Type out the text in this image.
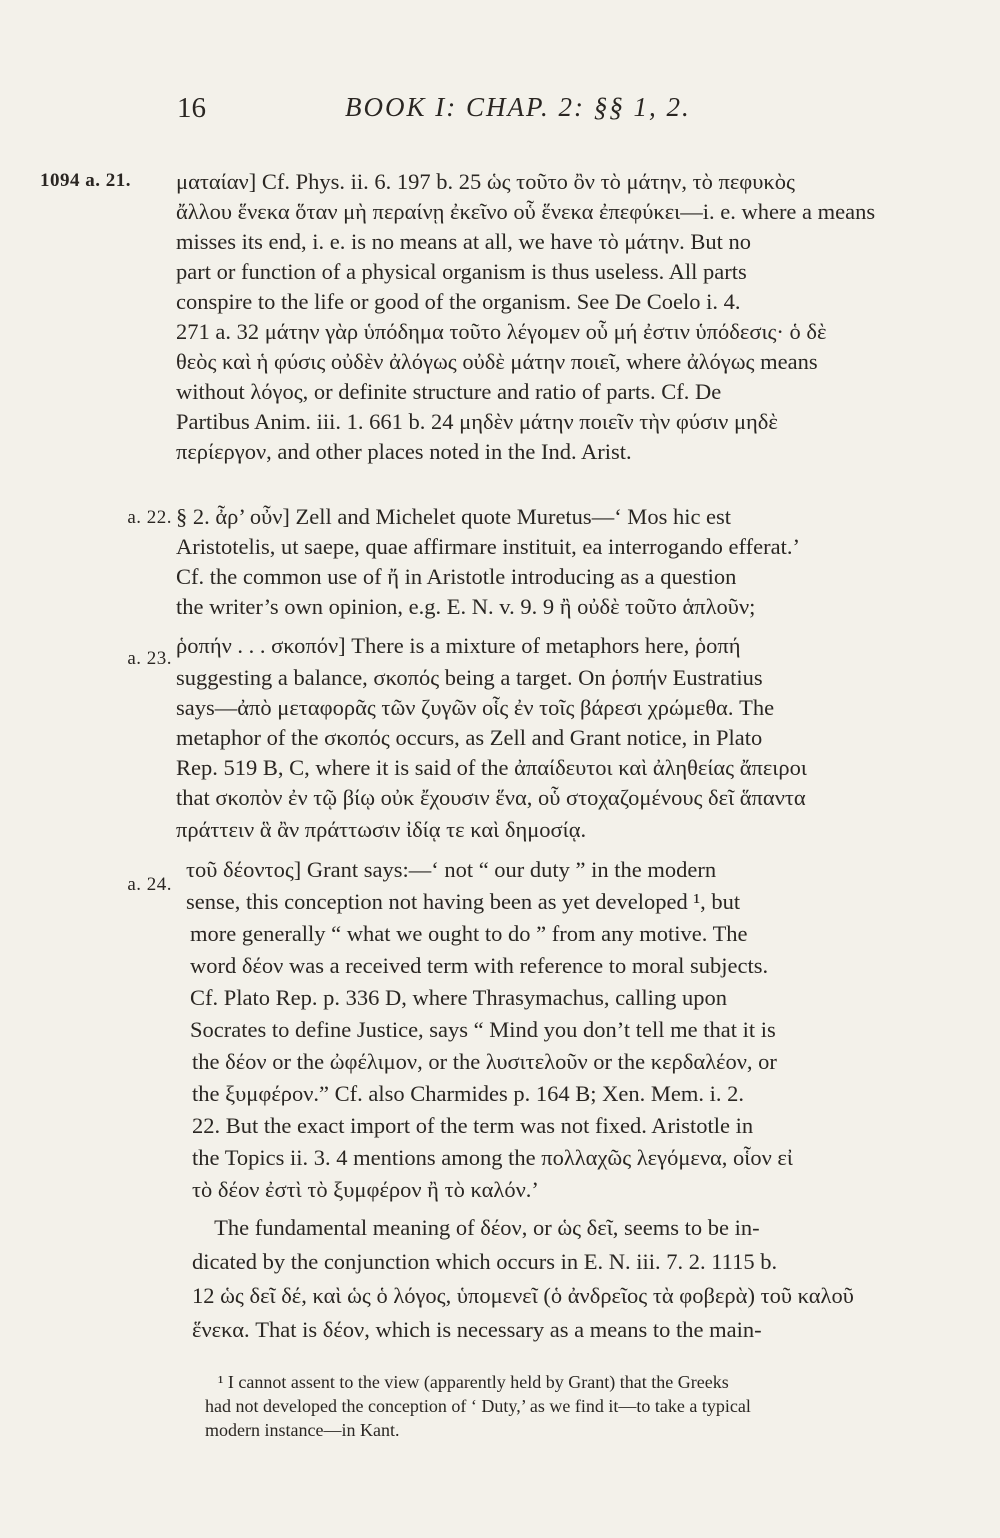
16	BOOK I: CHAP. 2: §§ 1, 2.
1094 a. 21. ματαίαν] Cf. Phys. ii. 6. 197 b. 25 ὡς τοῦτο ὂν τὸ μάτην, τὸ πεφυκὸς
ἄλλου ἕνεκα ὅταν μὴ περαίνῃ ἐκεῖνο οὗ ἕνεκα ἐπεφύκει—i. e. where a means
misses its end, i. e. is no means at all, we have τὸ μάτην. But no
part or function of a physical organism is thus useless. All parts
conspire to the life or good of the organism. See De Coelo i. 4.
271 a. 32 μάτην γὰρ ὑπόδημα τοῦτο λέγομεν οὗ μή ἐστιν ὑπόδεσις· ὁ δὲ
θεὸς καὶ ἡ φύσις οὐδὲν ἀλόγως οὐδὲ μάτην ποιεῖ, where ἀλόγως means
without λόγος, or definite structure and ratio of parts. Cf. De
Partibus Anim. iii. 1. 661 b. 24 μηδὲν μάτην ποιεῖν τὴν φύσιν μηδὲ
περίεργον, and other places noted in the Ind. Arist.
a. 22. § 2. ἆρ’ οὖν] Zell and Michelet quote Muretus—‘ Mos hic est
Aristotelis, ut saepe, quae affirmare instituit, ea interrogando efferat.’
Cf. the common use of ἤ in Aristotle introducing as a question
the writer’s own opinion, e.g. E. N. v. 9. 9 ἢ οὐδὲ τοῦτο ἁπλοῦν;
a. 23.
ῥοπήν . . . σκοπόν] There is a mixture of metaphors here, ῥοπή
suggesting a balance, σκοπός being a target. On ῥοπήν Eustratius
says—ἀπὸ μεταφορᾶς τῶν ζυγῶν οἷς ἐν τοῖς βάρεσι χρώμεθα. The
metaphor of the σκοπός occurs, as Zell and Grant notice, in Plato
Rep. 519 B, C, where it is said of the ἀπαίδευτοι καὶ ἀληθείας ἄπειροι
that σκοπὸν ἐν τῷ βίῳ οὐκ ἔχουσιν ἕνα, οὗ στοχαζομένους δεῖ ἅπαντα
πράττειν ἃ ἂν πράττωσιν ἰδίᾳ τε καὶ δημοσίᾳ.
a. 24.
τοῦ δέοντος] Grant says:—‘ not “ our duty ” in the modern
sense, this conception not having been as yet developed ¹, but
more generally “ what we ought to do ” from any motive. The
word δέον was a received term with reference to moral subjects.
Cf. Plato Rep. p. 336 D, where Thrasymachus, calling upon
Socrates to define Justice, says “ Mind you don’t tell me that it is
the δέον or the ὠφέλιμον, or the λυσιτελοῦν or the κερδαλέον, or
the ξυμφέρον.” Cf. also Charmides p. 164 B; Xen. Mem. i. 2.
22. But the exact import of the term was not fixed. Aristotle in
the Topics ii. 3. 4 mentions among the πολλαχῶς λεγόμενα, οἷον εἰ
τὸ δέον ἐστὶ τὸ ξυμφέρον ἢ τὸ καλόν.’
The fundamental meaning of δέον, or ὡς δεῖ, seems to be in-
dicated by the conjunction which occurs in E. N. iii. 7. 2. 1115 b.
12 ὡς δεῖ δέ, καὶ ὡς ὁ λόγος, ὑπομενεῖ (ὁ ἀνδρεῖος τὰ φοβερὰ) τοῦ καλοῦ
ἕνεκα. That is δέον, which is necessary as a means to the main-
¹ I cannot assent to the view (apparently held by Grant) that the Greeks
had not developed the conception of ‘ Duty,’ as we find it—to take a typical
modern instance—in Kant.
